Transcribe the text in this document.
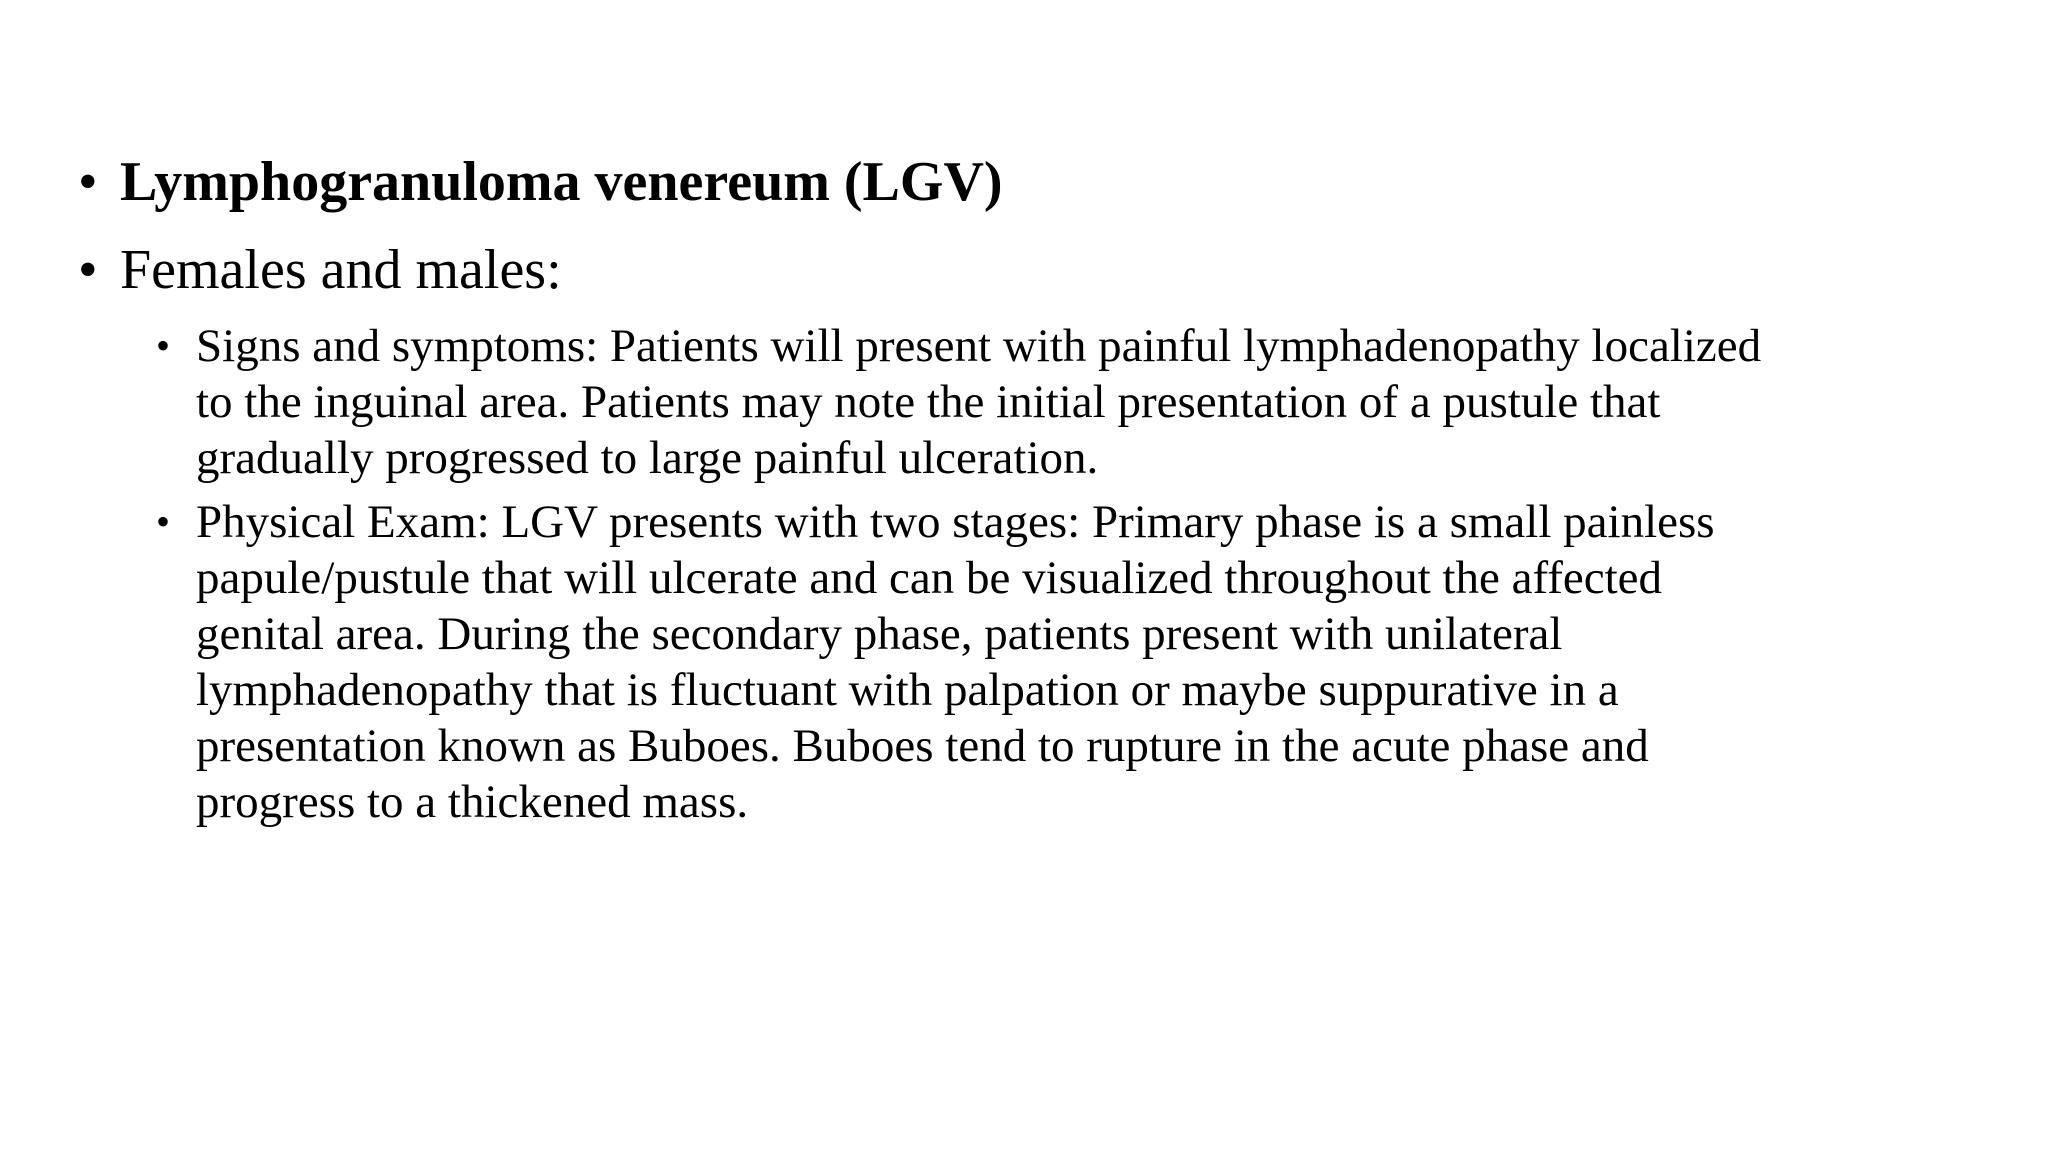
• Lymphogranuloma venereum (LGV)
• Females and males:
• Signs and symptoms: Patients will present with painful lymphadenopathy localized
to the inguinal area. Patients may note the initial presentation of a pustule that
gradually progressed to large painful ulceration.
• Physical Exam: LGV presents with two stages: Primary phase is a small painless
papule/pustule that will ulcerate and can be visualized throughout the affected
genital area. During the secondary phase, patients present with unilateral
lymphadenopathy that is fluctuant with palpation or maybe suppurative in a
presentation known as Buboes. Buboes tend to rupture in the acute phase and
progress to a thickened mass.
